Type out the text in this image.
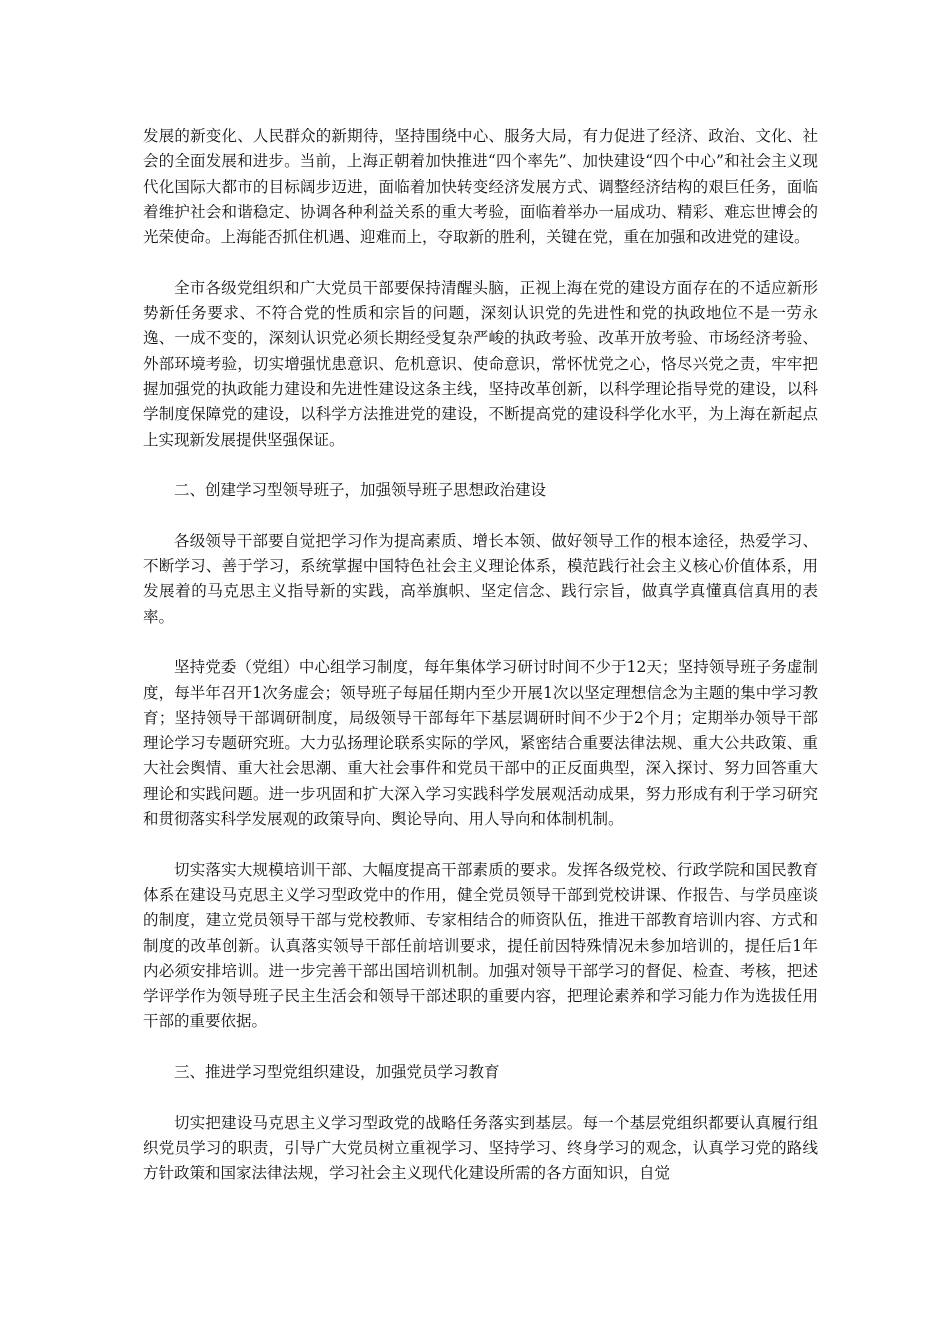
发展的新变化、人民群众的新期待，坚持围绕中心、服务大局，有力促进了经济、政治、文化、社会的全面发展和进步。当前，上海正朝着加快推进“四个率先”、加快建设“四个中心”和社会主义现代化国际大都市的目标阔步迈进，面临着加快转变经济发展方式、调整经济结构的艰巨任务，面临着维护社会和谐稳定、协调各种利益关系的重大考验，面临着举办一届成功、精彩、难忘世博会的光荣使命。上海能否抓住机遇、迎难而上，夺取新的胜利，关键在党，重在加强和改进党的建设。

全市各级党组织和广大党员干部要保持清醒头脑，正视上海在党的建设方面存在的不适应新形势新任务要求、不符合党的性质和宗旨的问题，深刻认识党的先进性和党的执政地位不是一劳永逸、一成不变的，深刻认识党必须长期经受复杂严峻的执政考验、改革开放考验、市场经济考验、外部环境考验，切实增强忧患意识、危机意识、使命意识，常怀忧党之心，恪尽兴党之责，牢牢把握加强党的执政能力建设和先进性建设这条主线，坚持改革创新，以科学理论指导党的建设，以科学制度保障党的建设，以科学方法推进党的建设，不断提高党的建设科学化水平，为上海在新起点上实现新发展提供坚强保证。

二、创建学习型领导班子，加强领导班子思想政治建设

各级领导干部要自觉把学习作为提高素质、增长本领、做好领导工作的根本途径，热爱学习、不断学习、善于学习，系统掌握中国特色社会主义理论体系，模范践行社会主义核心价值体系，用发展着的马克思主义指导新的实践，高举旗帜、坚定信念、践行宗旨，做真学真懂真信真用的表率。

坚持党委（党组）中心组学习制度，每年集体学习研讨时间不少于12天；坚持领导班子务虚制度，每半年召开1次务虚会；领导班子每届任期内至少开展1次以坚定理想信念为主题的集中学习教育；坚持领导干部调研制度，局级领导干部每年下基层调研时间不少于2个月；定期举办领导干部理论学习专题研究班。大力弘扬理论联系实际的学风，紧密结合重要法律法规、重大公共政策、重大社会舆情、重大社会思潮、重大社会事件和党员干部中的正反面典型，深入探讨、努力回答重大理论和实践问题。进一步巩固和扩大深入学习实践科学发展观活动成果，努力形成有利于学习研究和贯彻落实科学发展观的政策导向、舆论导向、用人导向和体制机制。

切实落实大规模培训干部、大幅度提高干部素质的要求。发挥各级党校、行政学院和国民教育体系在建设马克思主义学习型政党中的作用，健全党员领导干部到党校讲课、作报告、与学员座谈的制度，建立党员领导干部与党校教师、专家相结合的师资队伍，推进干部教育培训内容、方式和制度的改革创新。认真落实领导干部任前培训要求，提任前因特殊情况未参加培训的，提任后1年内必须安排培训。进一步完善干部出国培训机制。加强对领导干部学习的督促、检查、考核，把述学评学作为领导班子民主生活会和领导干部述职的重要内容，把理论素养和学习能力作为选拔任用干部的重要依据。

三、推进学习型党组织建设，加强党员学习教育

切实把建设马克思主义学习型政党的战略任务落实到基层。每一个基层党组织都要认真履行组织党员学习的职责，引导广大党员树立重视学习、坚持学习、终身学习的观念，认真学习党的路线方针政策和国家法律法规，学习社会主义现代化建设所需的各方面知识，自觉
